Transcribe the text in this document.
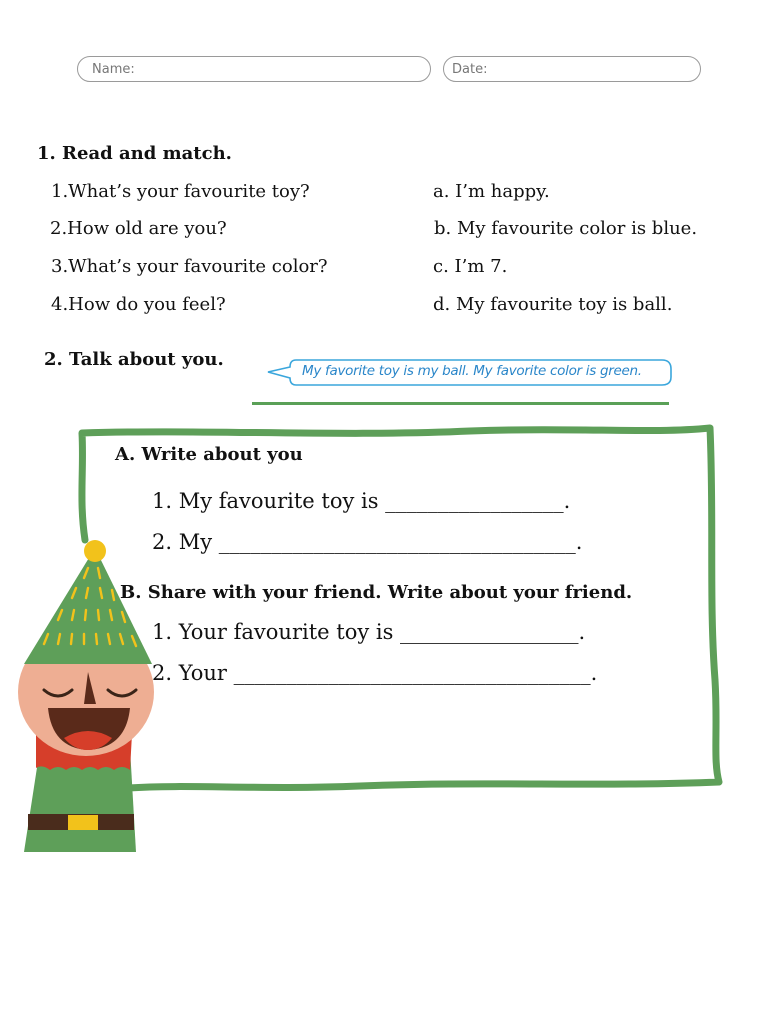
Name:	Date:
1. Read and match.
1.What’s your favourite toy?
2.How old are you?
3.What’s your favourite color?
4.How do you feel?
a. I’m happy.
b. My favourite color is blue.
c. I’m 7.
d. My favourite toy is ball.
2. Talk about you.
My favorite toy is my ball. My favorite color is green.
A. Write about you
1. My favourite toy is _________________.
2. My __________________________________.
B. Share with your friend. Write about your friend.
1. Your favourite toy is _________________.
2. Your __________________________________.
